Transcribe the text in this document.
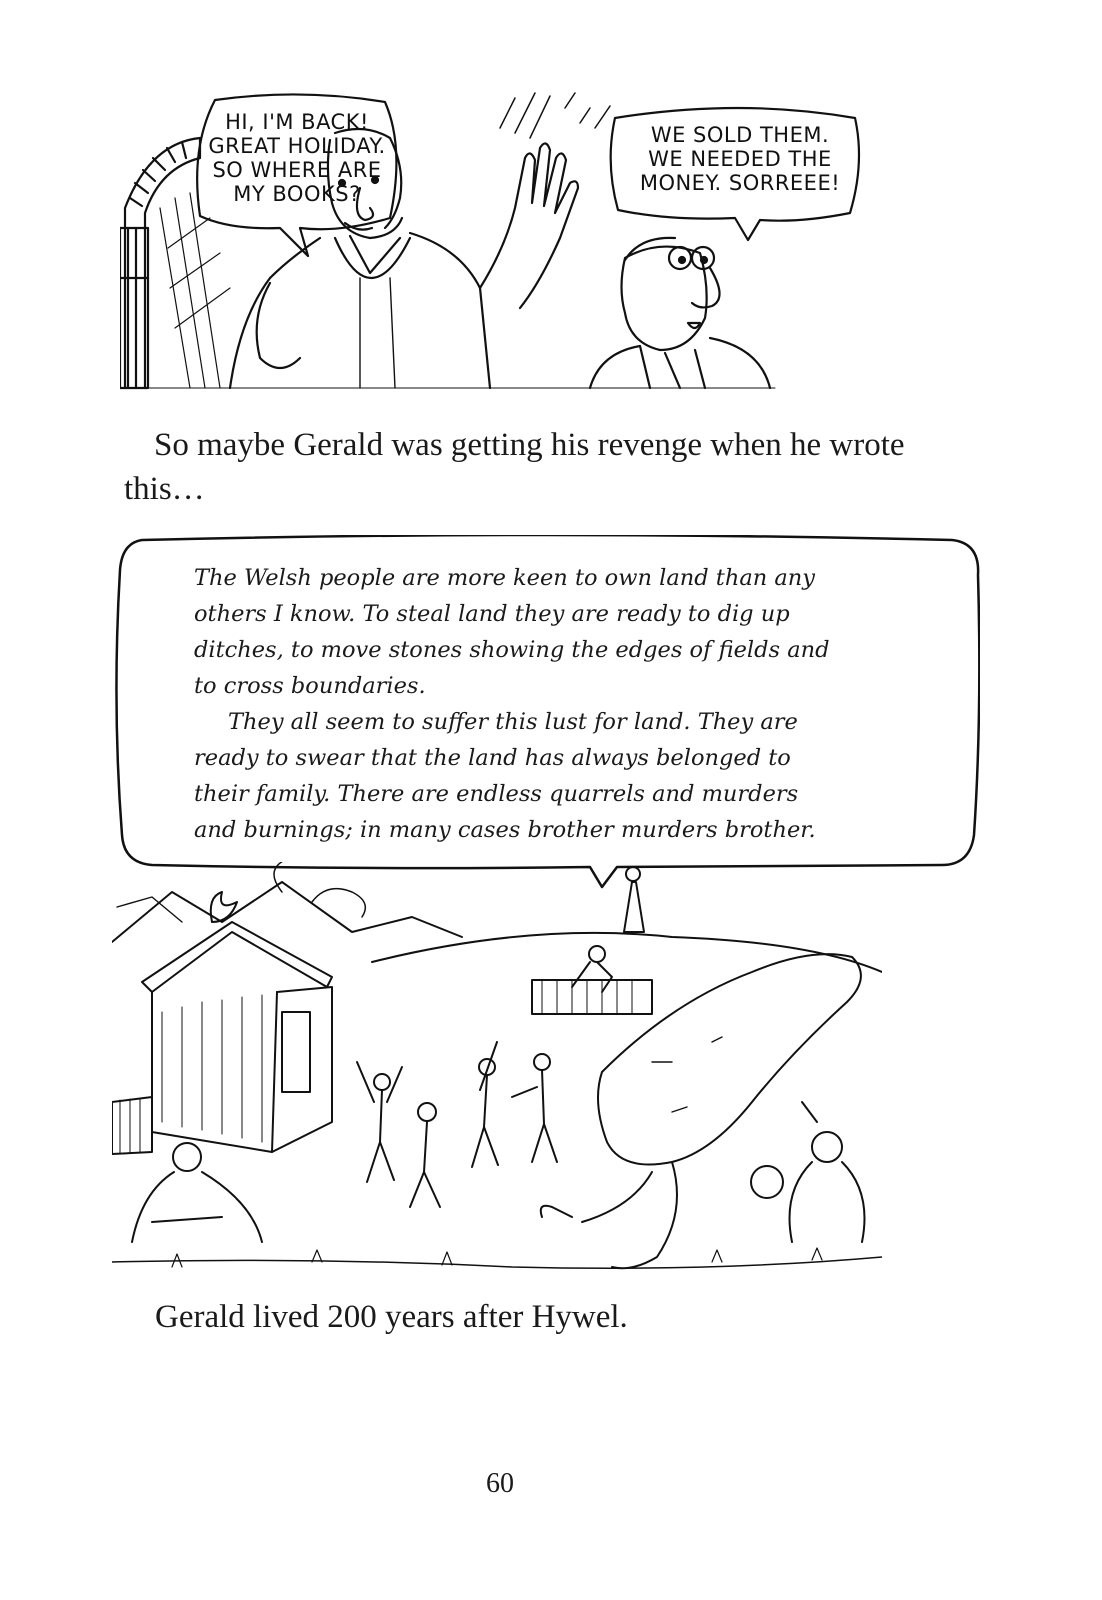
HI, I'M BACK!
GREAT HOLIDAY.
SO WHERE ARE
MY BOOKS?
WE SOLD THEM.
WE NEEDED THE
MONEY. SORREEE!
So maybe Gerald was getting his revenge when he wrote this…

The Welsh people are more keen to own land than any others I know. To steal land they are ready to dig up ditches, to move stones showing the edges of fields and to cross boundaries.

They all seem to suffer this lust for land. They are ready to swear that the land has always belonged to their family. There are endless quarrels and murders and burnings; in many cases brother murders brother.

Gerald lived 200 years after Hywel.
60
